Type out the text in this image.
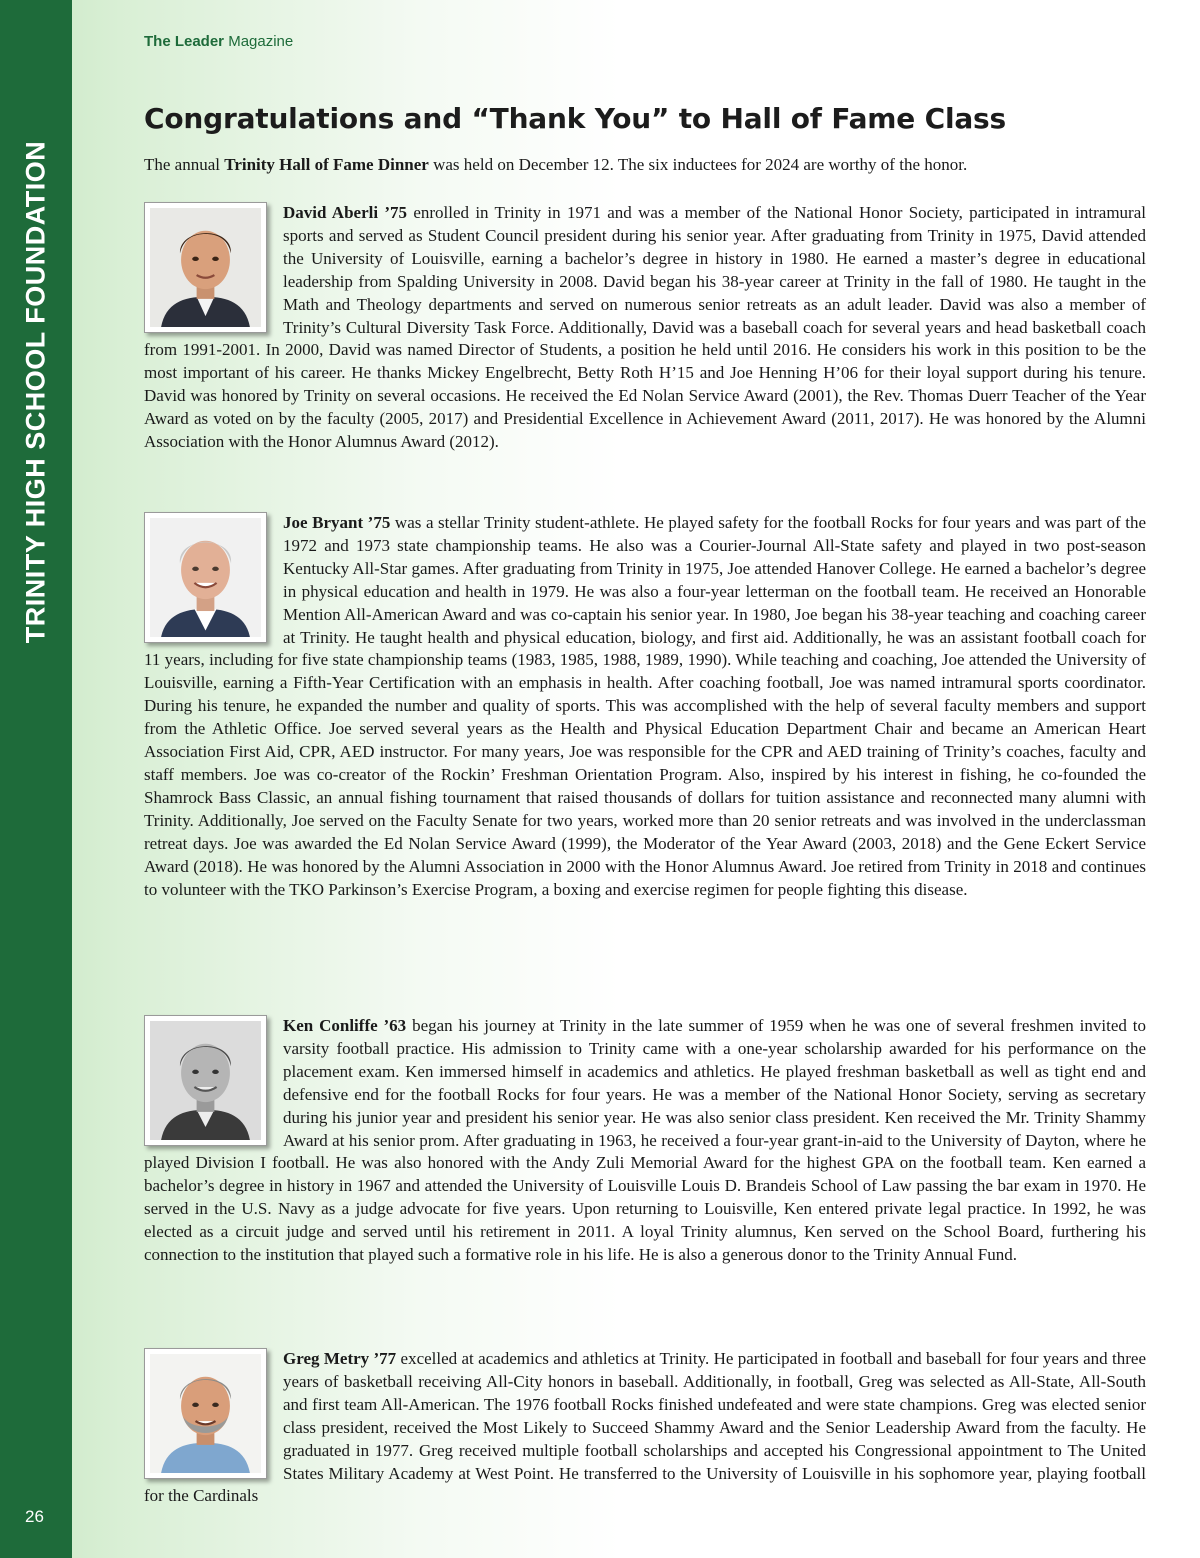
TRINITY HIGH SCHOOL FOUNDATION
26
The Leader Magazine
Congratulations and “Thank You” to Hall of Fame Class

The annual Trinity Hall of Fame Dinner was held on December 12. The six inductees for 2024 are worthy of the honor.

David Aberli ’75 enrolled in Trinity in 1971 and was a member of the National Honor Society, participated in intramural sports and served as Student Council president during his senior year. After graduating from Trinity in 1975, David attended the University of Louisville, earning a bachelor’s degree in history in 1980. He earned a master’s degree in educational leadership from Spalding University in 2008. David began his 38-year career at Trinity in the fall of 1980. He taught in the Math and Theology departments and served on numerous senior retreats as an adult leader. David was also a member of Trinity’s Cultural Diversity Task Force. Additionally, David was a baseball coach for several years and head basketball coach from 1991-2001. In 2000, David was named Director of Students, a position he held until 2016. He considers his work in this position to be the most important of his career. He thanks Mickey Engelbrecht, Betty Roth H’15 and Joe Henning H’06 for their loyal support during his tenure. David was honored by Trinity on several occasions. He received the Ed Nolan Service Award (2001), the Rev. Thomas Duerr Teacher of the Year Award as voted on by the faculty (2005, 2017) and Presidential Excellence in Achievement Award (2011, 2017). He was honored by the Alumni Association with the Honor Alumnus Award (2012).
Joe Bryant ’75 was a stellar Trinity student-athlete. He played safety for the football Rocks for four years and was part of the 1972 and 1973 state championship teams. He also was a Courier-Journal All-State safety and played in two post-season Kentucky All-Star games. After graduating from Trinity in 1975, Joe attended Hanover College. He earned a bachelor’s degree in physical education and health in 1979. He was also a four-year letterman on the football team. He received an Honorable Mention All-American Award and was co-captain his senior year. In 1980, Joe began his 38-year teaching and coaching career at Trinity. He taught health and physical education, biology, and first aid. Additionally, he was an assistant football coach for 11 years, including for five state championship teams (1983, 1985, 1988, 1989, 1990). While teaching and coaching, Joe attended the University of Louisville, earning a Fifth-Year Certification with an emphasis in health. After coaching football, Joe was named intramural sports coordinator. During his tenure, he expanded the number and quality of sports. This was accomplished with the help of several faculty members and support from the Athletic Office. Joe served several years as the Health and Physical Education Department Chair and became an American Heart Association First Aid, CPR, AED instructor. For many years, Joe was responsible for the CPR and AED training of Trinity’s coaches, faculty and staff members. Joe was co-creator of the Rockin’ Freshman Orientation Program. Also, inspired by his interest in fishing, he co-founded the Shamrock Bass Classic, an annual fishing tournament that raised thousands of dollars for tuition assistance and reconnected many alumni with Trinity. Additionally, Joe served on the Faculty Senate for two years, worked more than 20 senior retreats and was involved in the underclassman retreat days. Joe was awarded the Ed Nolan Service Award (1999), the Moderator of the Year Award (2003, 2018) and the Gene Eckert Service Award (2018). He was honored by the Alumni Association in 2000 with the Honor Alumnus Award. Joe retired from Trinity in 2018 and continues to volunteer with the TKO Parkinson’s Exercise Program, a boxing and exercise regimen for people fighting this disease.
Ken Conliffe ’63 began his journey at Trinity in the late summer of 1959 when he was one of several freshmen invited to varsity football practice. His admission to Trinity came with a one-year scholarship awarded for his performance on the placement exam. Ken immersed himself in academics and athletics. He played freshman basketball as well as tight end and defensive end for the football Rocks for four years. He was a member of the National Honor Society, serving as secretary during his junior year and president his senior year. He was also senior class president. Ken received the Mr. Trinity Shammy Award at his senior prom. After graduating in 1963, he received a four-year grant-in-aid to the University of Dayton, where he played Division I football. He was also honored with the Andy Zuli Memorial Award for the highest GPA on the football team. Ken earned a bachelor’s degree in history in 1967 and attended the University of Louisville Louis D. Brandeis School of Law passing the bar exam in 1970. He served in the U.S. Navy as a judge advocate for five years. Upon returning to Louisville, Ken entered private legal practice. In 1992, he was elected as a circuit judge and served until his retirement in 2011. A loyal Trinity alumnus, Ken served on the School Board, furthering his connection to the institution that played such a formative role in his life. He is also a generous donor to the Trinity Annual Fund.
Greg Metry ’77 excelled at academics and athletics at Trinity. He participated in football and baseball for four years and three years of basketball receiving All-City honors in baseball. Additionally, in football, Greg was selected as All-State, All-South and first team All-American. The 1976 football Rocks finished undefeated and were state champions. Greg was elected senior class president, received the Most Likely to Succeed Shammy Award and the Senior Leadership Award from the faculty. He graduated in 1977. Greg received multiple football scholarships and accepted his Congressional appointment to The United States Military Academy at West Point. He transferred to the University of Louisville in his sophomore year, playing football for the Cardinals
